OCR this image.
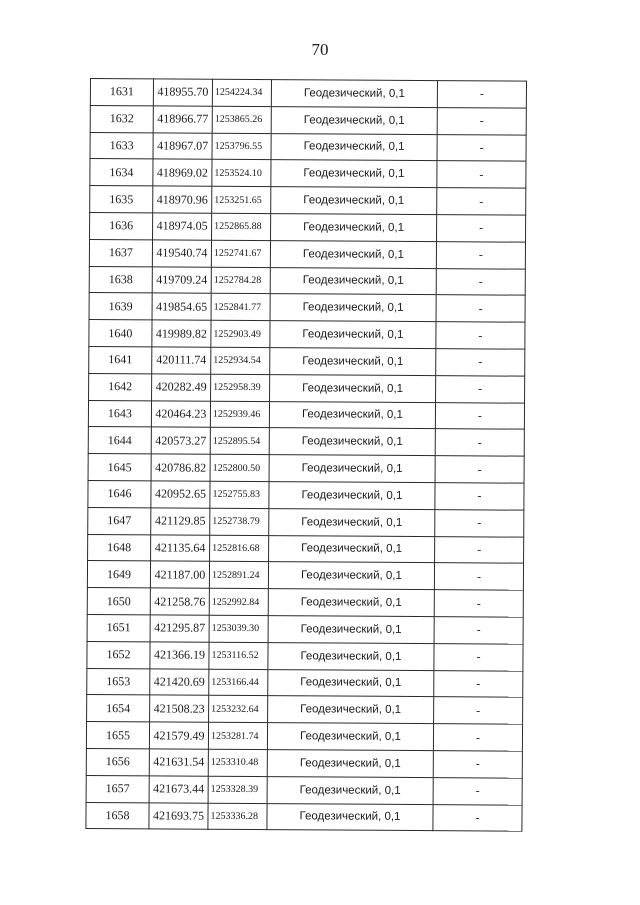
70
1631	418955.70	1254224.34	Геодезический, 0,1	-
1632	418966.77	1253865.26	Геодезический, 0,1	-
1633	418967.07	1253796.55	Геодезический, 0,1	-
1634	418969.02	1253524.10	Геодезический, 0,1	-
1635	418970.96	1253251.65	Геодезический, 0,1	-
1636	418974.05	1252865.88	Геодезический, 0,1	-
1637	419540.74	1252741.67	Геодезический, 0,1	-
1638	419709.24	1252784.28	Геодезический, 0,1	-
1639	419854.65	1252841.77	Геодезический, 0,1	-
1640	419989.82	1252903.49	Геодезический, 0,1	-
1641	420111.74	1252934.54	Геодезический, 0,1	-
1642	420282.49	1252958.39	Геодезический, 0,1	-
1643	420464.23	1252939.46	Геодезический, 0,1	-
1644	420573.27	1252895.54	Геодезический, 0,1	-
1645	420786.82	1252800.50	Геодезический, 0,1	-
1646	420952.65	1252755.83	Геодезический, 0,1	-
1647	421129.85	1252738.79	Геодезический, 0,1	-
1648	421135.64	1252816.68	Геодезический, 0,1	-
1649	421187.00	1252891.24	Геодезический, 0,1	-
1650	421258.76	1252992.84	Геодезический, 0,1	-
1651	421295.87	1253039.30	Геодезический, 0,1	-
1652	421366.19	1253116.52	Геодезический, 0,1	-
1653	421420.69	1253166.44	Геодезический, 0,1	-
1654	421508.23	1253232.64	Геодезический, 0,1	-
1655	421579.49	1253281.74	Геодезический, 0,1	-
1656	421631.54	1253310.48	Геодезический, 0,1	-
1657	421673.44	1253328.39	Геодезический, 0,1	-
1658	421693.75	1253336.28	Геодезический, 0,1	-
